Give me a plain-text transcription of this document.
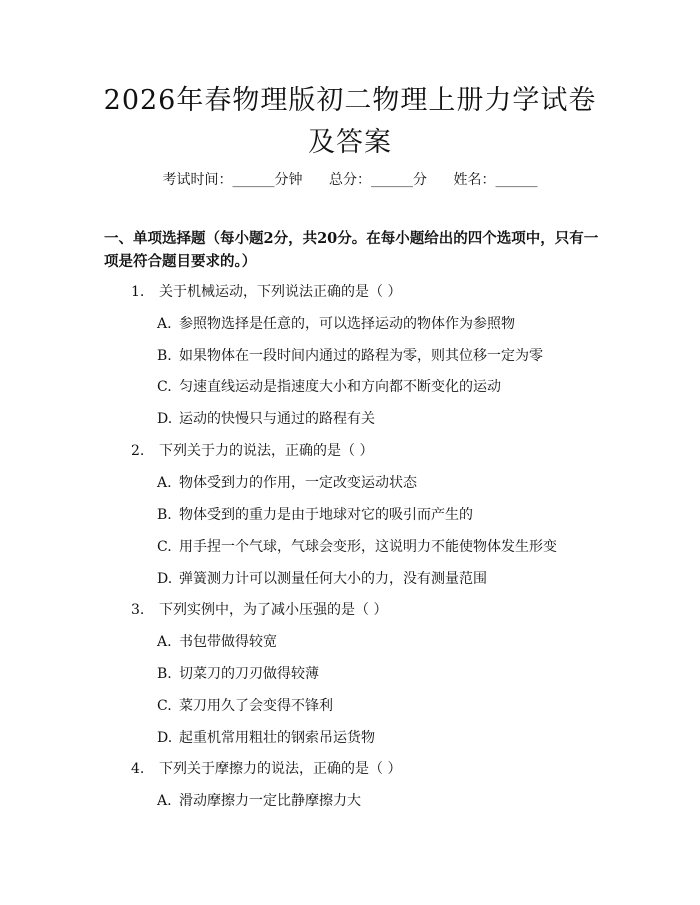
2026年春物理版初二物理上册力学试卷及答案
考试时间：______分钟 总分：______分 姓名：______
一、单项选择题（每小题2分，共20分。在每小题给出的四个选项中，只有一项是符合题目要求的。）
1. 关于机械运动，下列说法正确的是（ ）
A. 参照物选择是任意的，可以选择运动的物体作为参照物
B. 如果物体在一段时间内通过的路程为零，则其位移一定为零
C. 匀速直线运动是指速度大小和方向都不断变化的运动
D. 运动的快慢只与通过的路程有关
2. 下列关于力的说法，正确的是（ ）
A. 物体受到力的作用，一定改变运动状态
B. 物体受到的重力是由于地球对它的吸引而产生的
C. 用手捏一个气球，气球会变形，这说明力不能使物体发生形变
D. 弹簧测力计可以测量任何大小的力，没有测量范围
3. 下列实例中，为了减小压强的是（ ）
A. 书包带做得较宽
B. 切菜刀的刀刃做得较薄
C. 菜刀用久了会变得不锋利
D. 起重机常用粗壮的钢索吊运货物
4. 下列关于摩擦力的说法，正确的是（ ）
A. 滑动摩擦力一定比静摩擦力大
